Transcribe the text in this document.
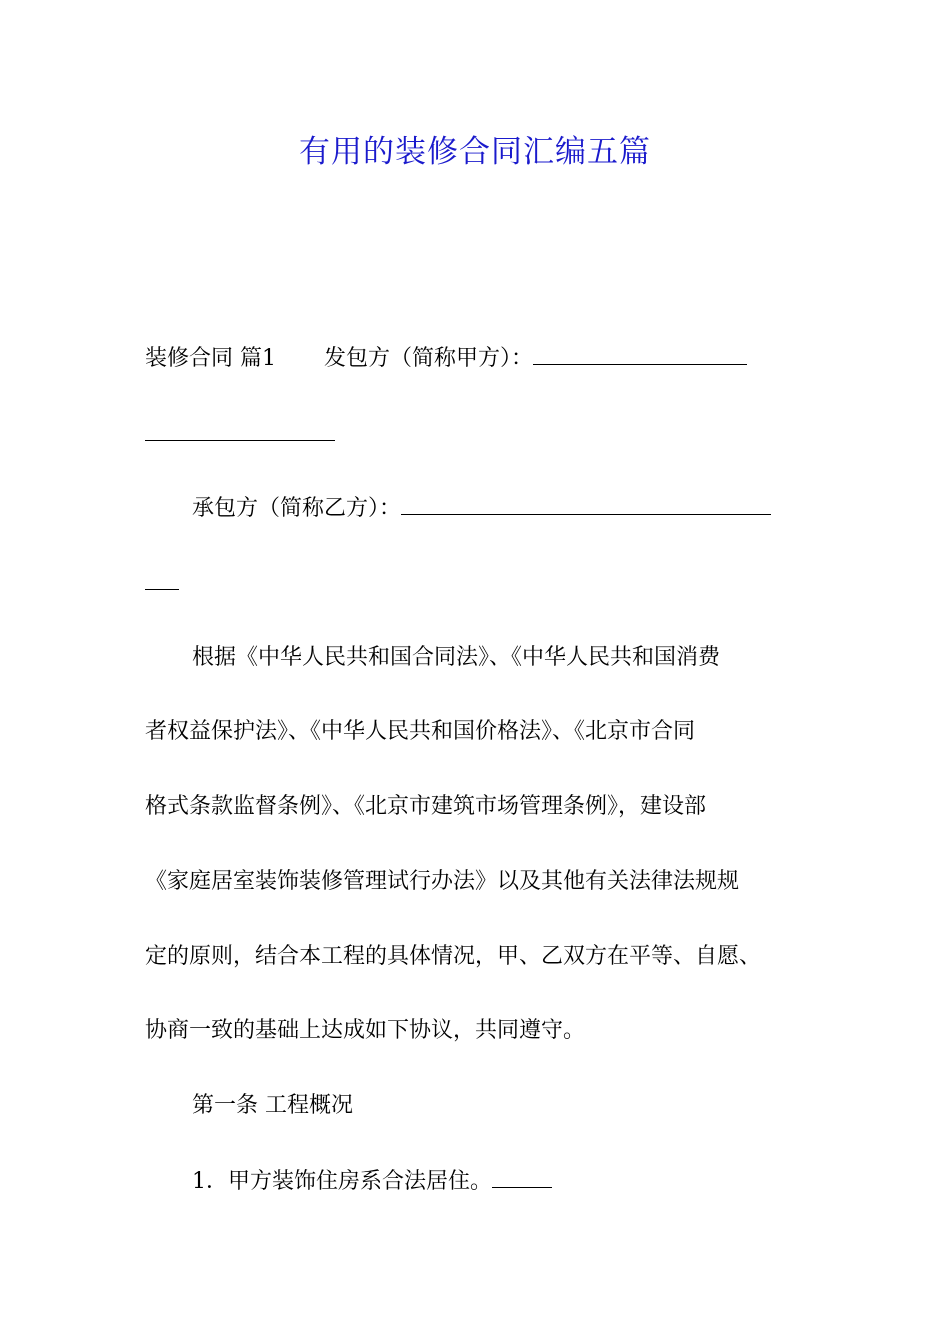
有用的装修合同汇编五篇
装修合同 篇1 发包方（简称甲方）：
承包方（简称乙方）：
根据《中华人民共和国合同法》、《中华人民共和国消费
者权益保护法》、《中华人民共和国价格法》、《北京市合同
格式条款监督条例》、《北京市建筑市场管理条例》，建设部
《家庭居室装饰装修管理试行办法》以及其他有关法律法规规
定的原则，结合本工程的具体情况，甲、乙双方在平等、自愿、
协商一致的基础上达成如下协议，共同遵守。
第一条 工程概况
1．甲方装饰住房系合法居住。
